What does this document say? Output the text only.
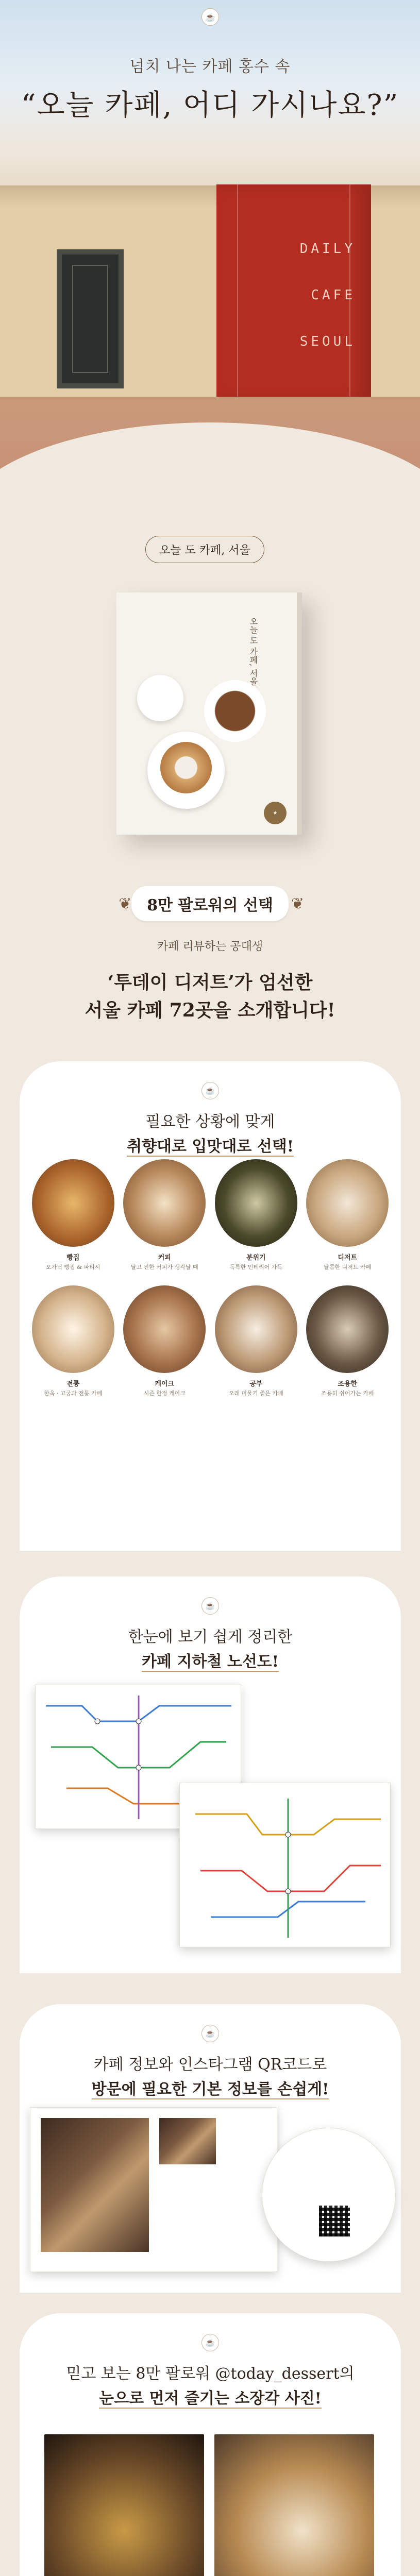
☕
넘치 나는 카페 홍수 속
“오늘 카페, 어디 가시나요?”
DAILY
CAFE
SEOUL
오늘 도 카페, 서울
오늘 도 카페, 서울
★
❦ 8만 팔로워의 선택 ❦
카페 리뷰하는 공대생
‘투데이 디저트’가 엄선한
서울 카페 72곳을 소개합니다!
☕
필요한 상황에 맞게
취향대로 입맛대로 선택!
빵집
오가닉 빵집 & 파티시
커피
달고 진한 커피가 생각날 때
분위기
독특한 인테리어 가득
디저트
달콤한 디저트 카페
전통
한옥 · 고궁과 전통 카페
케이크
시즌 한정 케이크
공부
오래 머물기 좋은 카페
조용한
조용히 쉬어가는 카페
☕
한눈에 보기 쉽게 정리한
카페 지하철 노선도!
☕
카페 정보와 인스타그램 QR코드로
방문에 필요한 기본 정보를 손쉽게!
☕
믿고 보는 8만 팔로워 @today_dessert의
눈으로 먼저 즐기는 소장각 사진!
